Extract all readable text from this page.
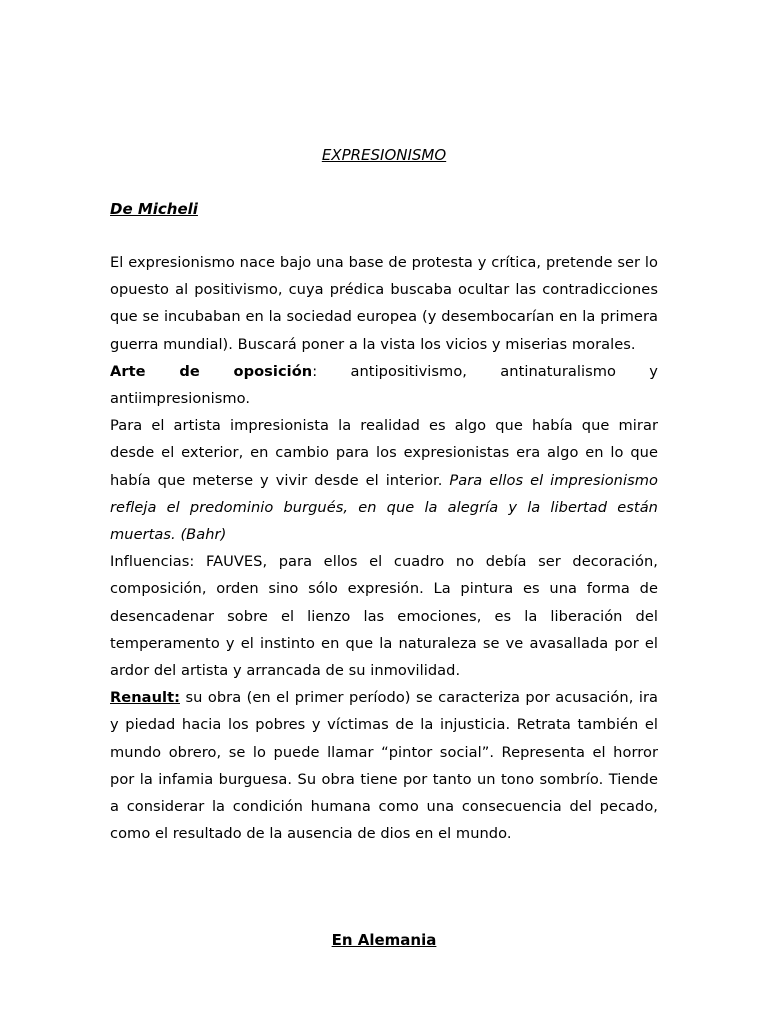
EXPRESIONISMO
De Micheli

El expresionismo nace bajo una base de protesta y crítica, pretende ser lo opuesto al positivismo, cuya prédica buscaba ocultar las contradicciones que se incubaban en la sociedad europea (y desembocarían en la primera guerra mundial). Buscará poner a la vista los vicios y miserias morales.

Arte de oposición: antipositivismo, antinaturalismo y

antiimpresionismo.

Para el artista impresionista la realidad es algo que había que mirar desde el exterior, en cambio para los expresionistas era algo en lo que había que meterse y vivir desde el interior. Para ellos el impresionismo refleja el predominio burgués, en que la alegría y la libertad están muertas. (Bahr)

Influencias: FAUVES, para ellos el cuadro no debía ser decoración, composición, orden sino sólo expresión. La pintura es una forma de desencadenar sobre el lienzo las emociones, es la liberación del temperamento y el instinto en que la naturaleza se ve avasallada por el ardor del artista y arrancada de su inmovilidad.

Renault: su obra (en el primer período) se caracteriza por acusación, ira y piedad hacia los pobres y víctimas de la injusticia. Retrata también el mundo obrero, se lo puede llamar “pintor social”. Representa el horror por la infamia burguesa. Su obra tiene por tanto un tono sombrío. Tiende a considerar la condición humana como una consecuencia del pecado, como el resultado de la ausencia de dios en el mundo.

En Alemania
